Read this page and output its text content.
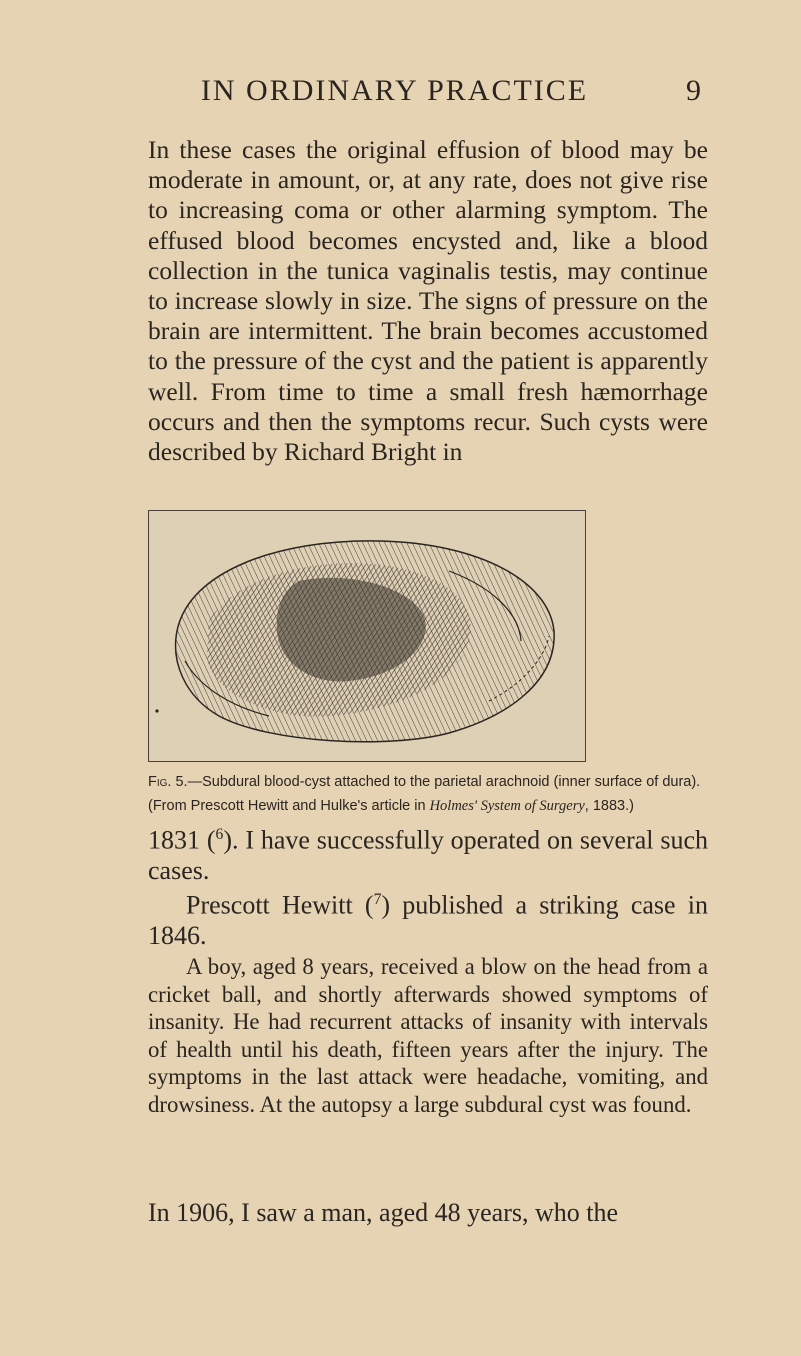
IN ORDINARY PRACTICE	9

In these cases the original effusion of blood may be moderate in amount, or, at any rate, does not give rise to increasing coma or other alarming symptom. The effused blood becomes encysted and, like a blood collection in the tunica vaginalis testis, may continue to increase slowly in size. The signs of pressure on the brain are intermittent. The brain becomes accustomed to the pressure of the cyst and the patient is apparently well. From time to time a small fresh hæmorrhage occurs and then the symptoms recur. Such cysts were described by Richard Bright in

Fig. 5.—Subdural blood-cyst attached to the parietal arachnoid (inner surface of dura).
(From Prescott Hewitt and Hulke's article in Holmes' System of Surgery, 1883.)

1831 ($^6$). I have successfully operated on several such cases.

Prescott Hewitt ($^7$) published a striking case in 1846.

A boy, aged 8 years, received a blow on the head from a cricket ball, and shortly afterwards showed symptoms of insanity. He had recurrent attacks of insanity with intervals of health until his death, fifteen years after the injury. The symptoms in the last attack were headache, vomiting, and drowsiness. At the autopsy a large subdural cyst was found.

In 1906, I saw a man, aged 48 years, who the
